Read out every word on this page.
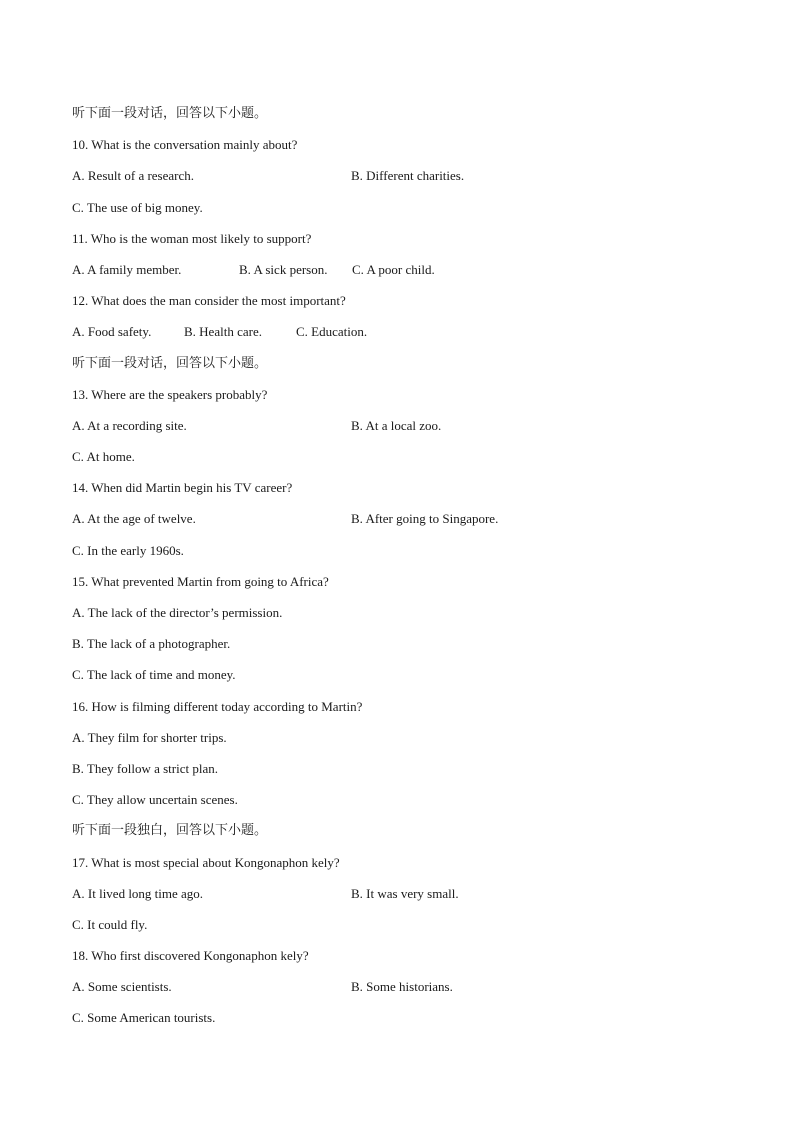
听下面一段对话，回答以下小题。
10. What is the conversation mainly about?
A. Result of a research.	B. Different charities.
C. The use of big money.
11. Who is the woman most likely to support?
A. A family member.	B. A sick person. C. A poor child.
12. What does the man consider the most important?
A. Food safety.	B. Health care.	C. Education.
听下面一段对话，回答以下小题。
13. Where are the speakers probably?
A. At a recording site.	B. At a local zoo.
C. At home.
14. When did Martin begin his TV career?
A. At the age of twelve.	B. After going to Singapore.
C. In the early 1960s.
15. What prevented Martin from going to Africa?
A. The lack of the director’s permission.
B. The lack of a photographer.
C. The lack of time and money.
16. How is filming different today according to Martin?
A. They film for shorter trips.
B. They follow a strict plan.
C. They allow uncertain scenes.
听下面一段独白，回答以下小题。
17. What is most special about Kongonaphon kely?
A. It lived long time ago.	B. It was very small.
C. It could fly.
18. Who first discovered Kongonaphon kely?
A. Some scientists.	B. Some historians.
C. Some American tourists.
